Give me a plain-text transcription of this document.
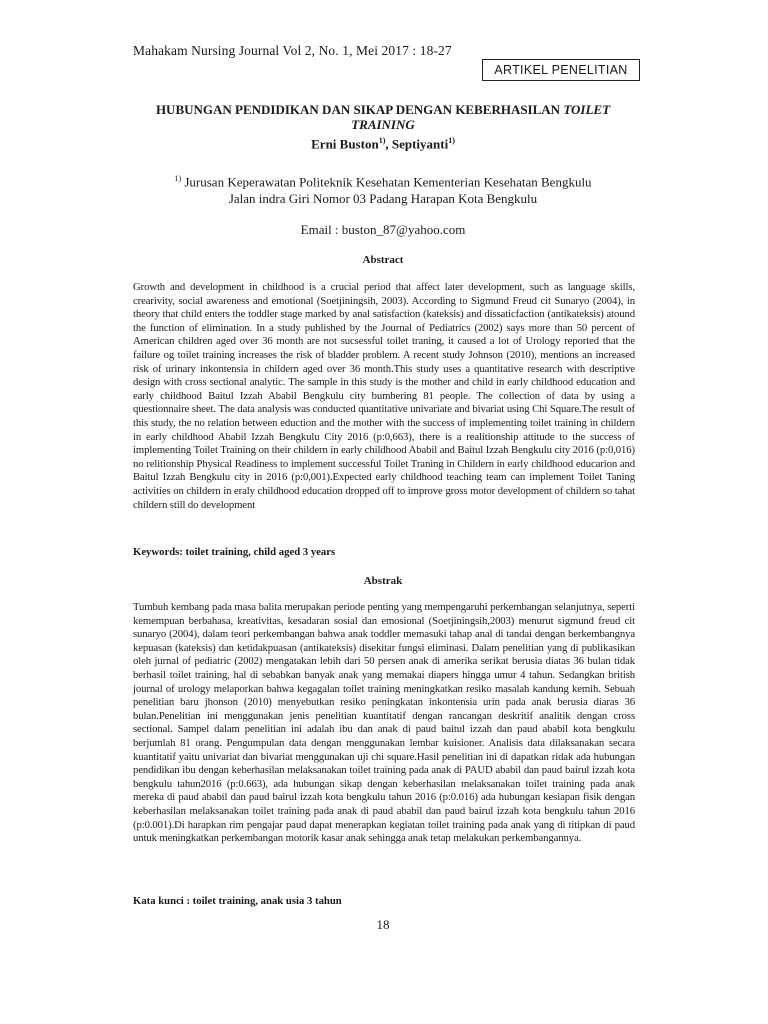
Mahakam Nursing Journal Vol 2, No. 1, Mei 2017 : 18-27
ARTIKEL PENELITIAN
HUBUNGAN PENDIDIKAN DAN SIKAP DENGAN KEBERHASILAN TOILET TRAINING
Erni Buston$^{1)}$, Septiyanti$^{1)}$
$^{1)}$ Jurusan Keperawatan Politeknik Kesehatan Kementerian Kesehatan Bengkulu
Jalan indra Giri Nomor 03 Padang Harapan Kota Bengkulu
Email : buston_87@yahoo.com
Abstract
Growth and development in childhood is a crucial period that affect later development, such as language skills, crearivity, social awareness and emotional (Soetjiningsih, 2003). According to Sigmund Freud cit Sunaryo (2004), in theory that child enters the toddler stage marked by anal satisfaction (kateksis) and dissaticfaction (antikateksis) atound the function of elimination. In a study published by the Journal of Pediatrics (2002) says more than 50 percent of American children aged over 36 month are not sucsessful toilet traning, it caused a lot of Urology reported that the failure og toilet training increases the risk of bladder problem. A recent study Johnson (2010), mentions an increased risk of urinary inkontensia in childern aged over 36 month.This study uses a quantitative research with descriptive design with cross sectional analytic. The sample in this study is the mother and child in early childhood education and early childhood Baitul Izzah Ababil Bengkulu city bumbering 81 people. The collection of data by using a questionnaire sheet. The data analysis was conducted quantitative univariate and bivariat using Chi Square.The result of this study, the no relation between eduction and the mother with the success of implementing toilet training in childern in early childhood Ababil Izzah Bengkulu City 2016 (p:0,663), there is a realitionship attitude to the success of implementing Toilet Training on their childern in early childhood Ababil and Baitul Izzah Bengkulu city 2016 (p:0,016) no relitionship Physical Readiness to implement successful Toilet Traning in Childern in early childhood educarion and Baitul Izzah Bengkulu city in 2016 (p:0,001).Expected early childhood teaching team can implement Toilet Taning activities on childern in eraly childhood education dropped off to improve gross motor development of childern so tahat childern still do development
Keywords: toilet training, child aged 3 years
Abstrak
Tumbuh kembang pada masa balita merupakan periode penting yang mempengaruhi perkembangan selanjutnya, seperti kemempuan berbahasa, kreativitas, kesadaran sosial dan emosional (Soetjiningsih,2003) menurut sigmund freud cit sunaryo (2004), dalam teori perkembangan bahwa anak toddler memasuki tahap anal di tandai dengan berkembangnya kepuasan (kateksis) dan ketidakpuasan (antikateksis) disekitar fungsi eliminasi. Dalam penelitian yang di publikasikan oleh jurnal of pediatric (2002) mengatakan lebih dari 50 persen anak di amerika serikat berusia diatas 36 bulan tidak berhasil toilet training, hal di sebabkan banyak anak yang memakai diapers hingga umur 4 tahun. Sedangkan british journal of urology melaporkan bahwa kegagalan toilet training meningkatkan resiko masalah kandung kemih. Sebuah penelitian baru jhonson (2010) menyebutkan resiko peningkatan inkontensia urin pada anak berusia diaras 36 bulan.Penelitian ini menggunakan jenis penelitian kuantitatif dengan rancangan deskritif analitik dengan cross sectional. Sampel dalam penelitian ini adalah ibu dan anak di paud baitul izzah dan paud ababil kota bengkulu berjumlah 81 orang. Pengumpulan data dengan menggunakan lembar kuisioner. Analisis data dilaksanakan secara kuantitatif yaitu univariat dan bivariat menggunakan uji chi square.Hasil penelitian ini di dapatkan ridak ada hubungan pendidikan ibu dengan keberhasilan melaksanakan toilet training pada anak di PAUD ababil dan paud bairul izzah kota bengkulu tahun2016 (p:0.663), ada hubungan sikap dengan keberhasilan melaksanakan toilet training pada anak mereka di paud ababil dan paud bairul izzah kota bengkulu tahun 2016 (p:0.016) ada hubungan kesiapan fisik dengan keberhasilan melaksanakan toilet training pada anak di paud ababil dan paud bairul izzah kota bengkulu tahun 2016 (p:0.001).Di harapkan rim pengajar paud dapat menerapkan kegiatan toilet training pada anak yang di titipkan di paud untuk meningkatkan perkembangan motorik kasar anak sehingga anak tetap melakukan perkembangannya.
Kata kunci : toilet training, anak usia 3 tahun
18
